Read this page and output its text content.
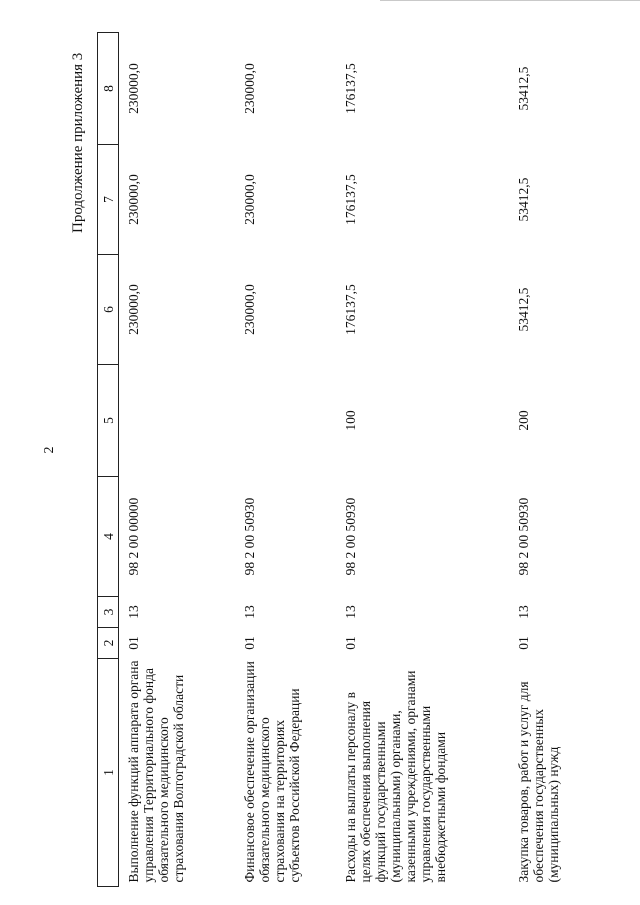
2
Продолжение приложения 3
1	2	3	4	5	6	7	8
Выполнение функций аппарата органа управления Территориального фонда обязательного медицинского страхования Волгоградской области	01	13	98 2 00 00000		230000,0	230000,0	230000,0
Финансовое обеспечение организации обязательного медицинского страхования на территориях субъектов Российской Федерации	01	13	98 2 00 50930		230000,0	230000,0	230000,0
Расходы на выплаты персоналу в целях обеспечения выполнения функций государственными (муниципальными) органами, казенными учреждениями, органами управления государственными внебюджетными фондами	01	13	98 2 00 50930	100	176137,5	176137,5	176137,5
Закупка товаров, работ и услуг для обеспечения государственных (муниципальных) нужд	01	13	98 2 00 50930	200	53412,5	53412,5	53412,5
